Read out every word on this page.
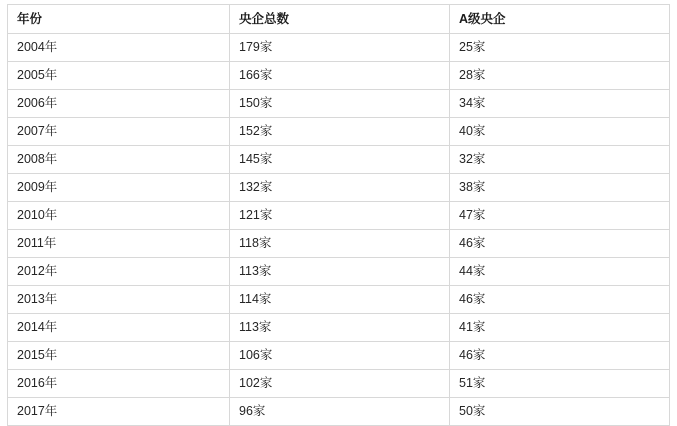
年份	央企总数	A级央企
2004年	179家	25家
2005年	166家	28家
2006年	150家	34家
2007年	152家	40家
2008年	145家	32家
2009年	132家	38家
2010年	121家	47家
2011年	118家	46家
2012年	113家	44家
2013年	114家	46家
2014年	113家	41家
2015年	106家	46家
2016年	102家	51家
2017年	96家	50家
